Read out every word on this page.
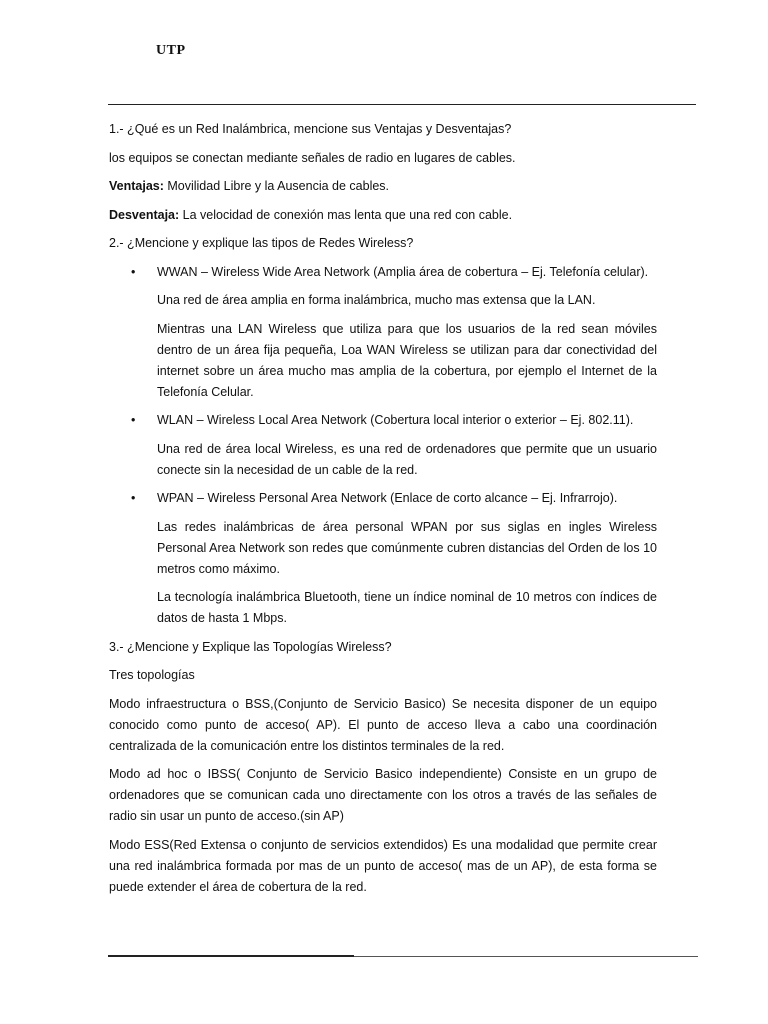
UTP

1.- ¿Qué es un Red Inalámbrica, mencione sus Ventajas y Desventajas?

los equipos se conectan mediante señales de radio en lugares de cables.

Ventajas: Movilidad Libre y la Ausencia de cables.

Desventaja: La velocidad de conexión mas lenta que una red con cable.

2.- ¿Mencione y explique las tipos de Redes Wireless?

• WWAN – Wireless Wide Area Network (Amplia área de cobertura – Ej. Telefonía celular).

Una red de área amplia en forma inalámbrica, mucho mas extensa que la LAN.

Mientras una LAN Wireless que utiliza para que los usuarios de la red sean móviles dentro de un área fija pequeña, Loa WAN Wireless se utilizan para dar conectividad del internet sobre un área mucho mas amplia de la cobertura, por ejemplo el Internet de la Telefonía Celular.

• WLAN – Wireless Local Area Network (Cobertura local interior o exterior – Ej. 802.11).

Una red de área local Wireless, es una red de ordenadores que permite que un usuario conecte sin la necesidad de un cable de la red.

• WPAN – Wireless Personal Area Network (Enlace de corto alcance – Ej. Infrarrojo).

Las redes inalámbricas de área personal WPAN por sus siglas en ingles Wireless Personal Area Network son redes que comúnmente cubren distancias del Orden de los 10 metros como máximo.

La tecnología inalámbrica Bluetooth, tiene un índice nominal de 10 metros con índices de datos de hasta 1 Mbps.

3.- ¿Mencione y Explique las Topologías Wireless?

Tres topologías

Modo infraestructura o BSS,(Conjunto de Servicio Basico) Se necesita disponer de un equipo conocido como punto de acceso( AP). El punto de acceso lleva a cabo una coordinación centralizada de la comunicación entre los distintos terminales de la red.

Modo ad hoc o IBSS( Conjunto de Servicio Basico independiente) Consiste en un grupo de ordenadores que se comunican cada uno directamente con los otros a través de las señales de radio sin usar un punto de acceso.(sin AP)

Modo ESS(Red Extensa o conjunto de servicios extendidos) Es una modalidad que permite crear una red inalámbrica formada por mas de un punto de acceso( mas de un AP), de esta forma se puede extender el área de cobertura de la red.
